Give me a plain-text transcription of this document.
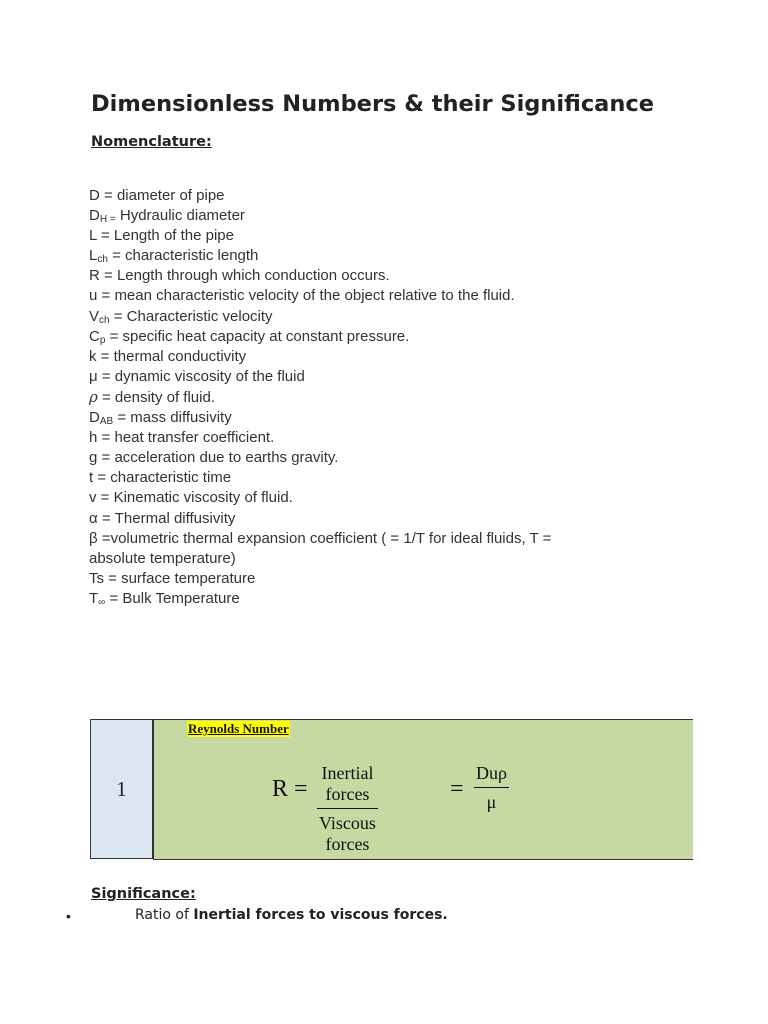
Dimensionless Numbers & their Significance
Nomenclature:
D = diameter of pipe
$D_{H =}$ Hydraulic diameter
L = Length of the pipe
$L_{ch}$ = characteristic length
R = Length through which conduction occurs.
u = mean characteristic velocity of the object relative to the fluid.
$V_{ch}$ = Characteristic velocity
$C_p$ = specific heat capacity at constant pressure.
k = thermal conductivity
μ = dynamic viscosity of the fluid
ρ = density of fluid.
$D_{AB}$ = mass diffusivity
h = heat transfer coefficient.
g = acceleration due to earths gravity.
t = characteristic time
v = Kinematic viscosity of fluid.
α = Thermal diffusivity
β =volumetric thermal expansion coefficient ( = 1/T for ideal fluids, T =
absolute temperature)
Ts = surface temperature
$T_\infty$ = Bulk Temperature
1
Reynolds Number
R =
Inertial forces
Viscous forces
=
Duρ
μ
Significance:
•	Ratio of Inertial forces to viscous forces.
